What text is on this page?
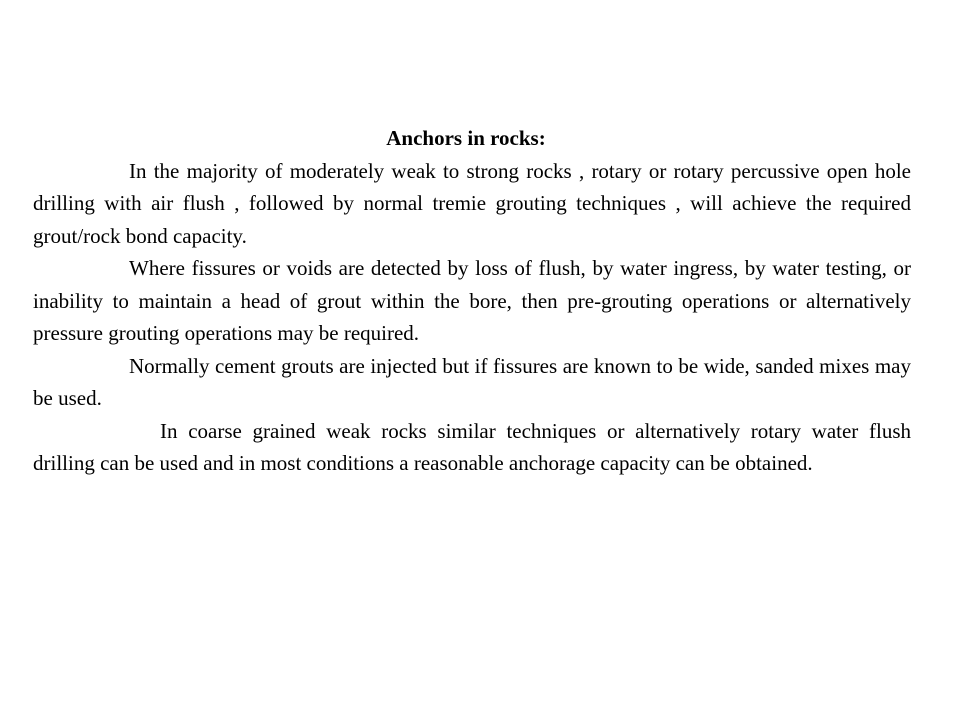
Anchors in rocks:

In the majority of moderately weak to strong rocks , rotary or rotary percussive open hole drilling with air flush , followed by normal tremie grouting techniques , will achieve the required grout/rock bond capacity.

Where fissures or voids are detected by loss of flush, by water ingress, by water testing, or inability to maintain a head of grout within the bore, then pre-grouting operations or alternatively pressure grouting operations may be required.

Normally cement grouts are injected but if fissures are known to be wide, sanded mixes may be used.

In coarse grained weak rocks similar techniques or alternatively rotary water flush drilling can be used and in most conditions a reasonable anchorage capacity can be obtained.
